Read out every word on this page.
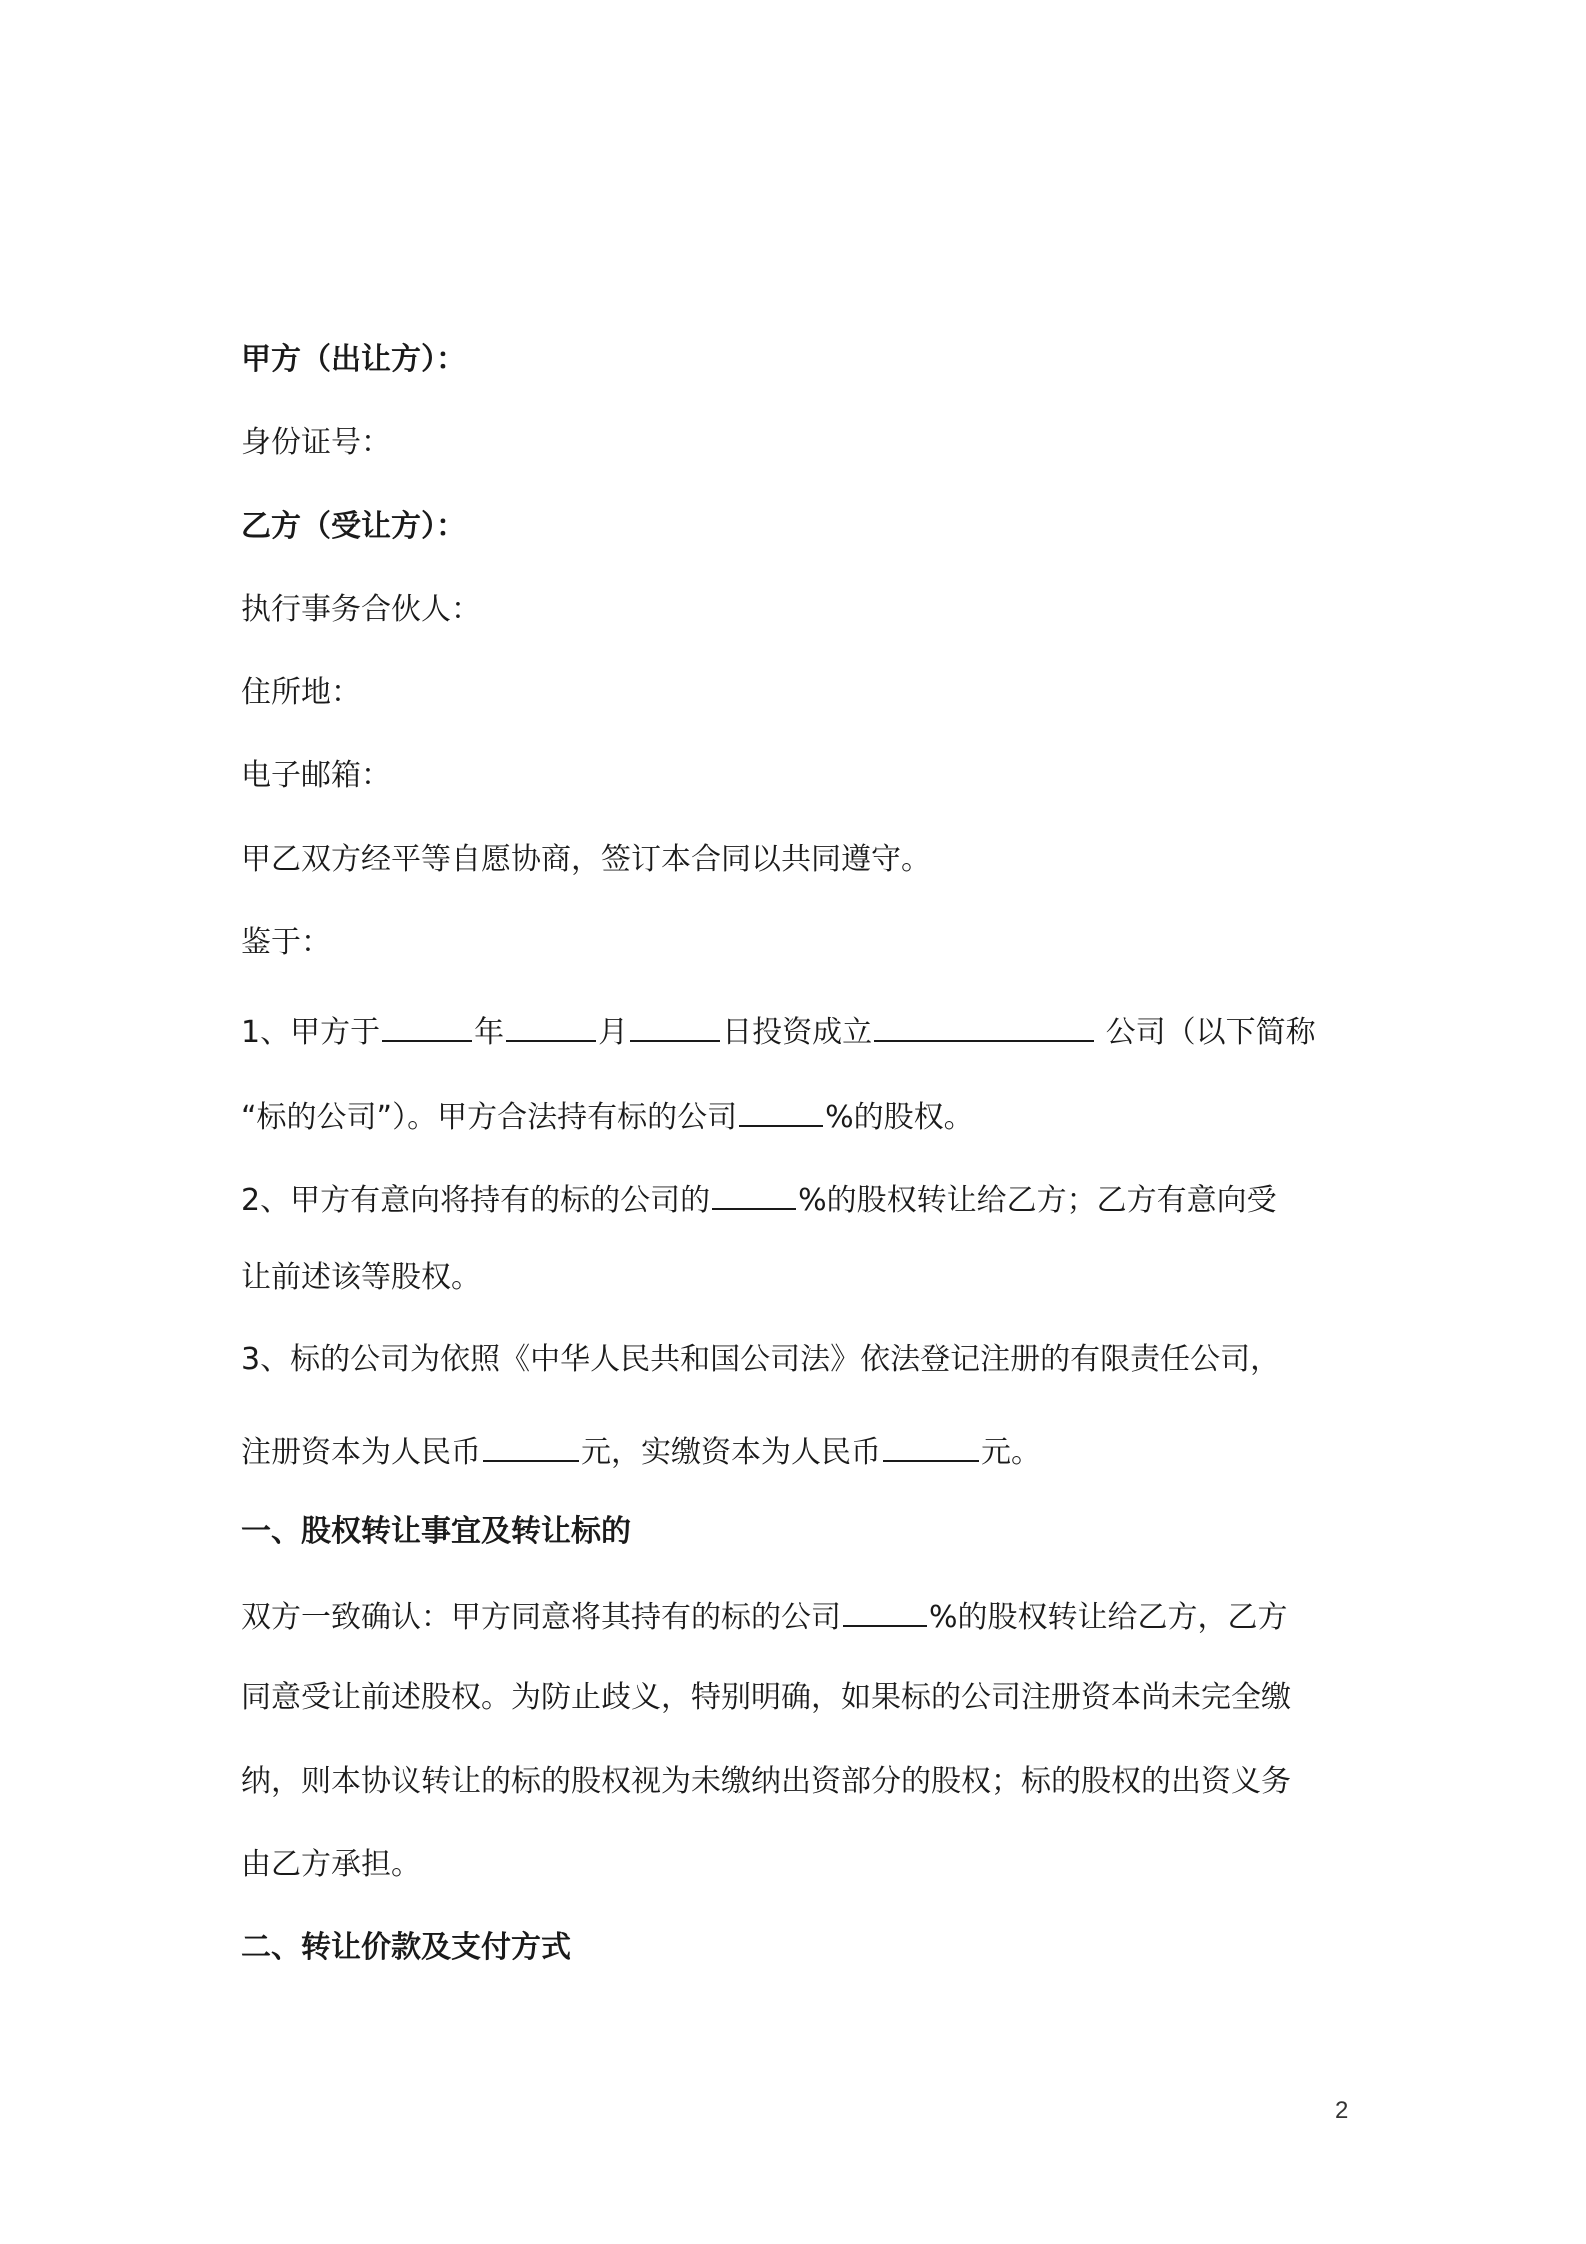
甲方（出让方）：
身份证号：
乙方（受让方）：
执行事务合伙人：
住所地：
电子邮箱：
甲乙双方经平等自愿协商，签订本合同以共同遵守。
鉴于：
1、甲方于	年	月	日投资成立	公司（以下简称
“标的公司”）。甲方合法持有标的公司	%的股权。
2、甲方有意向将持有的标的公司的	%的股权转让给乙方；乙方有意向受
让前述该等股权。
3、标的公司为依照《中华人民共和国公司法》依法登记注册的有限责任公司，
注册资本为人民币	元，实缴资本为人民币	元。
一、股权转让事宜及转让标的
双方一致确认：甲方同意将其持有的标的公司	%的股权转让给乙方，乙方
同意受让前述股权。为防止歧义，特别明确，如果标的公司注册资本尚未完全缴
纳，则本协议转让的标的股权视为未缴纳出资部分的股权；标的股权的出资义务
由乙方承担。
二、转让价款及支付方式
2
